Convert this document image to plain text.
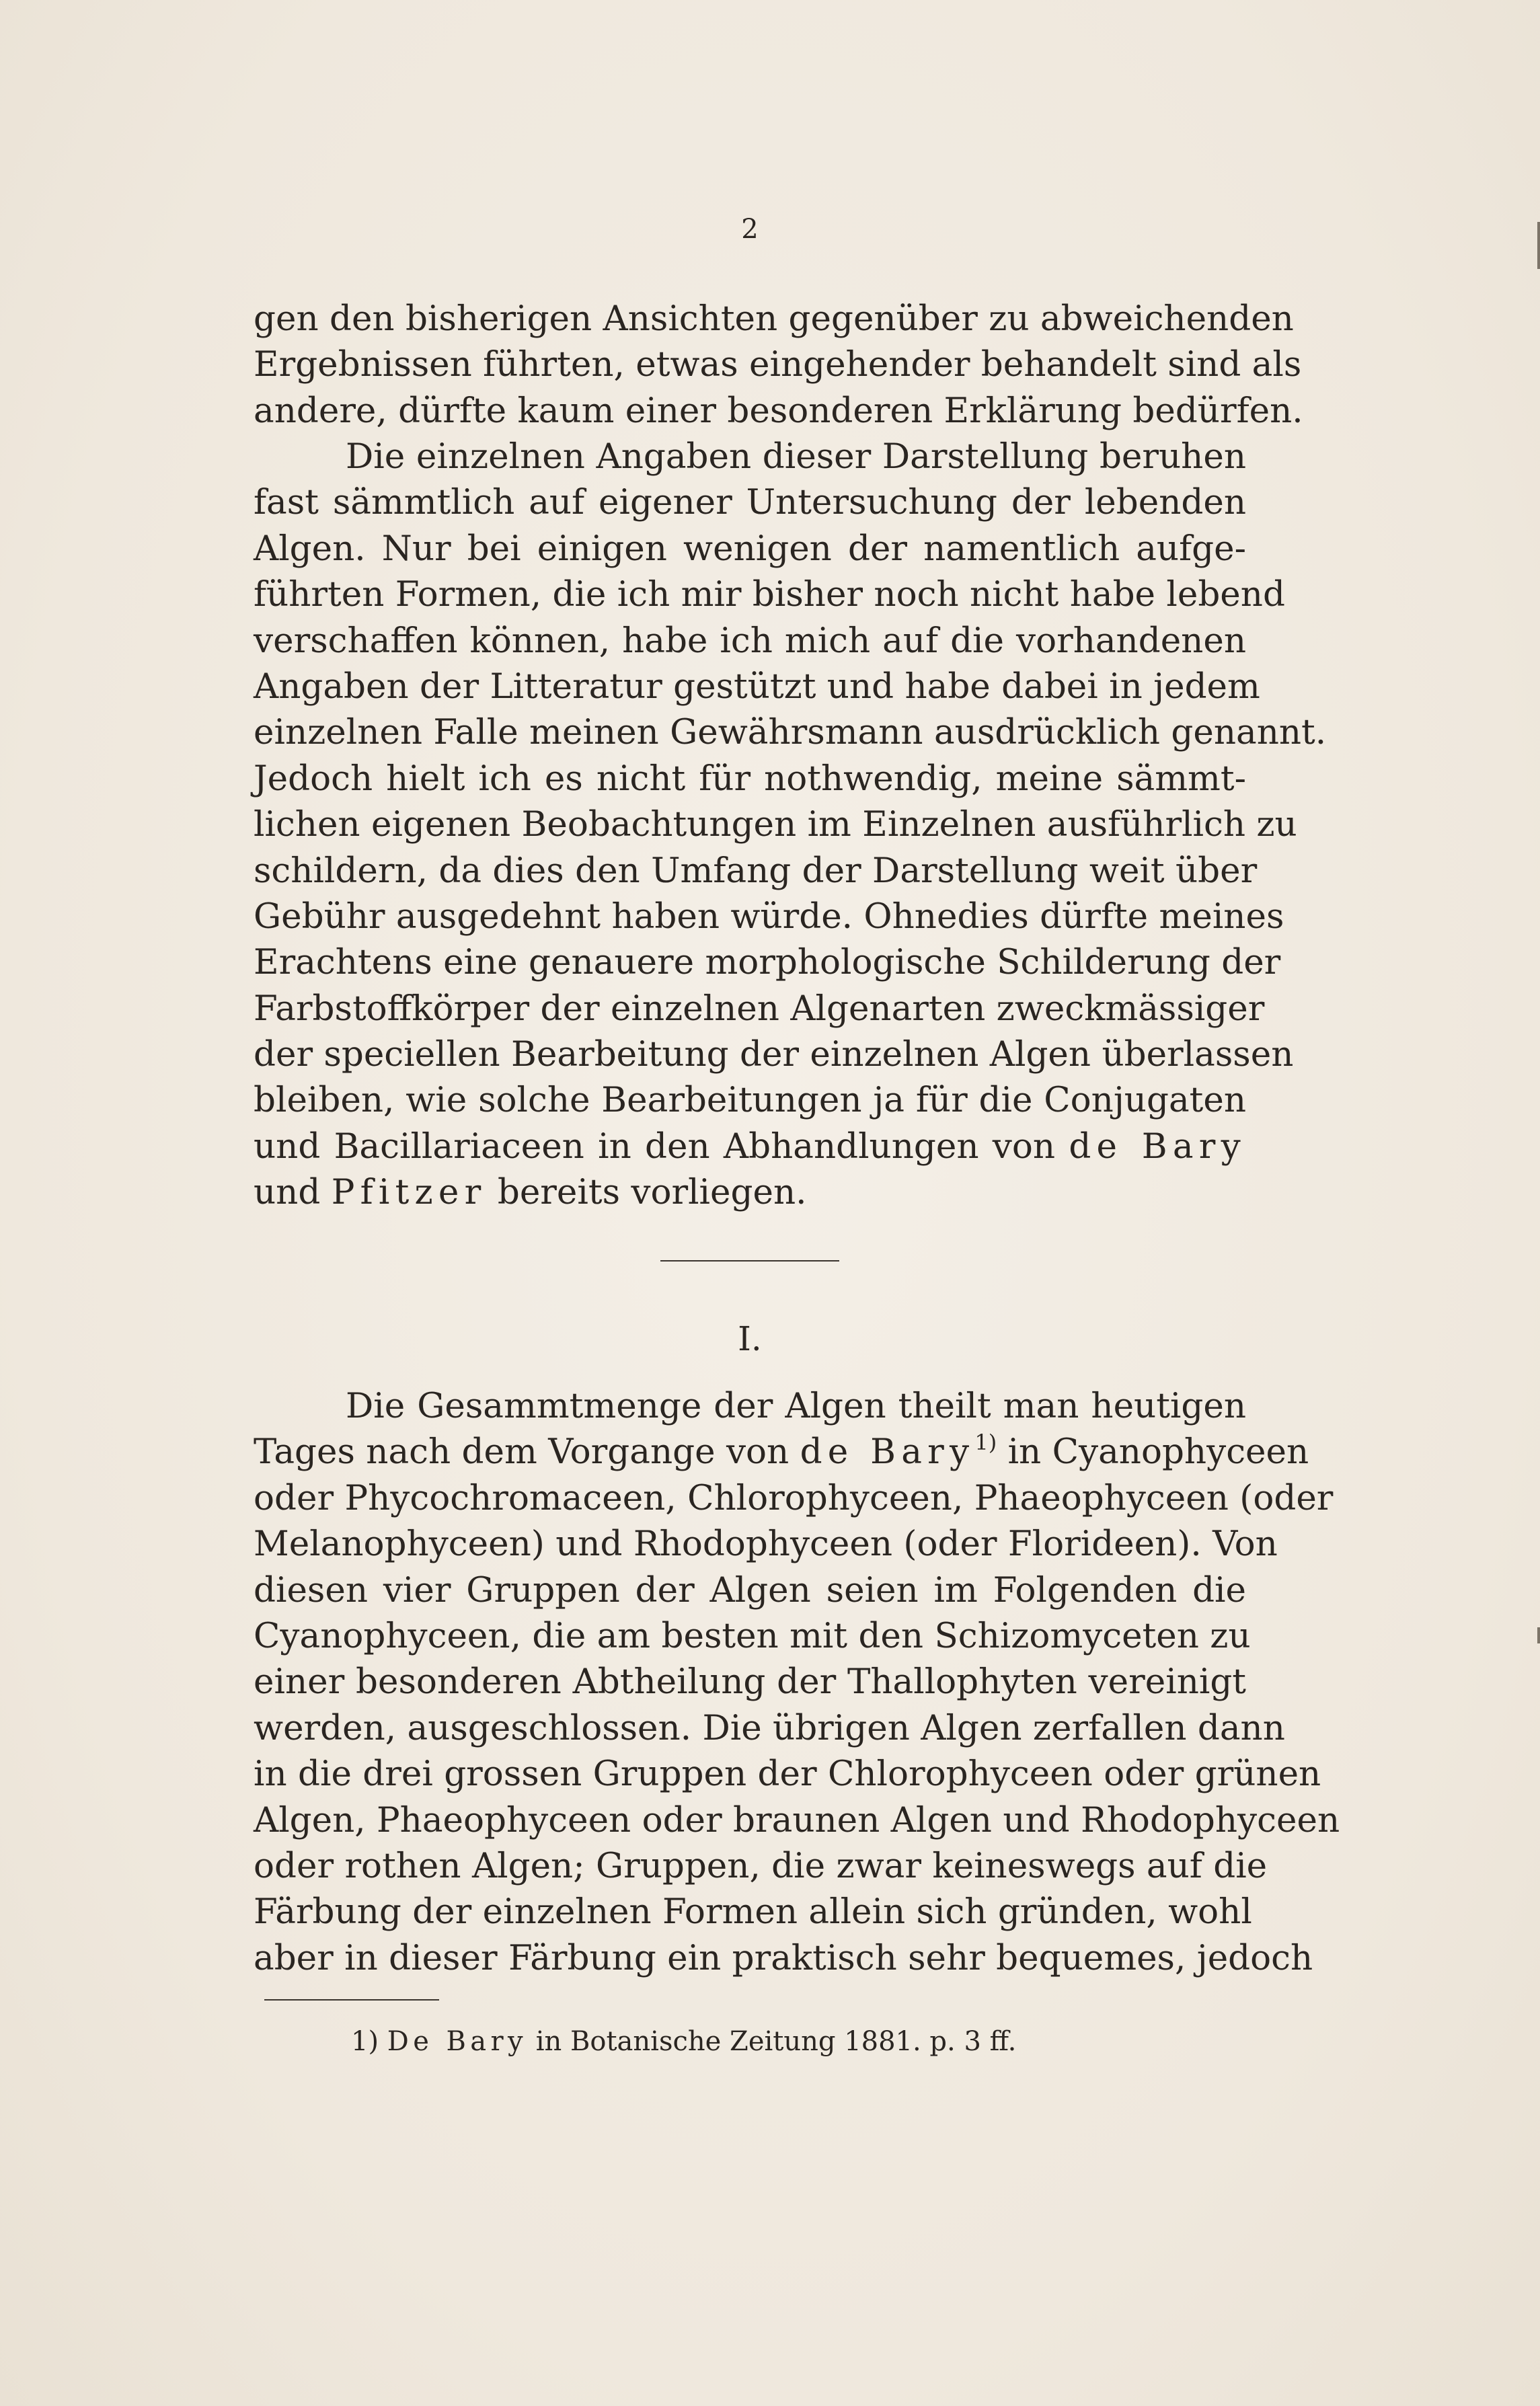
2
gen den bisherigen Ansichten gegenüber zu abweichenden
Ergebnissen führten, etwas eingehender behandelt sind als
andere, dürfte kaum einer besonderen Erklärung bedürfen.
Die einzelnen Angaben dieser Darstellung beruhen
fast sämmtlich auf eigener Untersuchung der lebenden
Algen. Nur bei einigen wenigen der namentlich aufge-
führten Formen, die ich mir bisher noch nicht habe lebend
verschaffen können, habe ich mich auf die vorhandenen
Angaben der Litteratur gestützt und habe dabei in jedem
einzelnen Falle meinen Gewährsmann ausdrücklich genannt.
Jedoch hielt ich es nicht für nothwendig, meine sämmt-
lichen eigenen Beobachtungen im Einzelnen ausführlich zu
schildern, da dies den Umfang der Darstellung weit über
Gebühr ausgedehnt haben würde. Ohnedies dürfte meines
Erachtens eine genauere morphologische Schilderung der
Farbstoffkörper der einzelnen Algenarten zweckmässiger
der speciellen Bearbeitung der einzelnen Algen überlassen
bleiben, wie solche Bearbeitungen ja für die Conjugaten
und Bacillariaceen in den Abhandlungen von de Bary
und Pfitzer bereits vorliegen.
I.
Die Gesammtmenge der Algen theilt man heutigen
Tages nach dem Vorgange von de Bary$^{1)}$ in Cyanophyceen
oder Phycochromaceen, Chlorophyceen, Phaeophyceen (oder
Melanophyceen) und Rhodophyceen (oder Florideen). Von
diesen vier Gruppen der Algen seien im Folgenden die
Cyanophyceen, die am besten mit den Schizomyceten zu
einer besonderen Abtheilung der Thallophyten vereinigt
werden, ausgeschlossen. Die übrigen Algen zerfallen dann
in die drei grossen Gruppen der Chlorophyceen oder grünen
Algen, Phaeophyceen oder braunen Algen und Rhodophyceen
oder rothen Algen; Gruppen, die zwar keineswegs auf die
Färbung der einzelnen Formen allein sich gründen, wohl
aber in dieser Färbung ein praktisch sehr bequemes, jedoch
1) De Bary in Botanische Zeitung 1881. p. 3 ff.
